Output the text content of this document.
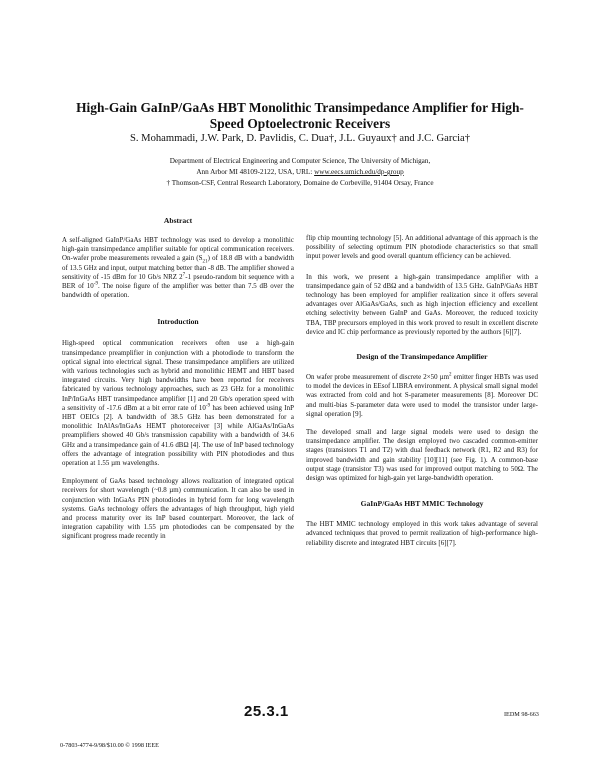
High-Gain GaInP/GaAs HBT Monolithic Transimpedance Amplifier for High-Speed Optoelectronic Receivers

S. Mohammadi, J.W. Park, D. Pavlidis, C. Dua†, J.L. Guyaux† and J.C. Garcia†

Department of Electrical Engineering and Computer Science, The University of Michigan,

Ann Arbor MI 48109-2122, USA, URL: www.eecs.umich.edu/dp-group

† Thomson-CSF, Central Research Laboratory, Domaine de Corbeville, 91404 Orsay, France

Abstract

A self-aligned GaInP/GaAs HBT technology was used to develop a monolithic high-gain transimpedance amplifier suitable for optical communication receivers. On-wafer probe measurements revealed a gain $(S_{21})$ of 18.8 dB with a bandwidth of 13.5 GHz and input, output matching better than -8 dB. The amplifier showed a sensitivity of -15 dBm for 10 Gb/s NRZ $2^7-1$ pseudo-random bit sequence with a BER of $10^{-9}$. The noise figure of the amplifier was better than 7.5 dB over the bandwidth of operation.

Introduction

High-speed optical communication receivers often use a high-gain transimpedance preamplifier in conjunction with a photodiode to transform the optical signal into electrical signal. These transimpedance amplifiers are utilized with various technologies such as hybrid and monolithic HEMT and HBT based integrated circuits. Very high bandwidths have been reported for receivers fabricated by various technology approaches, such as 23 GHz for a monolithic InP/InGaAs HBT transimpedance amplifier [1] and 20 Gb/s operation speed with a sensitivity of -17.6 dBm at a bit error rate of $10^{-9}$ has been achieved using InP HBT OEICs [2]. A bandwidth of 38.5 GHz has been demonstrated for a monolithic InAlAs/InGaAs HEMT photoreceiver [3] while AlGaAs/InGaAs preamplifiers showed 40 Gb/s transmission capability with a bandwidth of 34.6 GHz and a transimpedance gain of 41.6 dBΩ [4]. The use of InP based technology offers the advantage of integration possibility with PIN photodiodes and thus operation at 1.55 µm wavelengths.

Employment of GaAs based technology allows realization of integrated optical receivers for short wavelength (~0.8 µm) communication. It can also be used in conjunction with InGaAs PIN photodiodes in hybrid form for long wavelength systems. GaAs technology offers the advantages of high throughput, high yield and process maturity over its InP based counterpart. Moreover, the lack of integration capability with 1.55 µm photodiodes can be compensated by the significant progress made recently in

flip chip mounting technology [5]. An additional advantage of this approach is the possibility of selecting optimum PIN photodiode characteristics so that small input power levels and good overall quantum efficiency can be achieved.

In this work, we present a high-gain transimpedance amplifier with a transimpedance gain of 52 dBΩ and a bandwidth of 13.5 GHz. GaInP/GaAs HBT technology has been employed for amplifier realization since it offers several advantages over AlGaAs/GaAs, such as high injection efficiency and excellent etching selectivity between GaInP and GaAs. Moreover, the reduced toxicity TBA, TBP precursors employed in this work proved to result in excellent discrete device and IC chip performance as previously reported by the authors [6][7].

Design of the Transimpedance Amplifier

On wafer probe measurement of discrete 2×50 µm$^2$ emitter finger HBTs was used to model the devices in EEsof LIBRA environment. A physical small signal model was extracted from cold and hot S-parameter measurements [8]. Moreover DC and multi-bias S-parameter data were used to model the transistor under large-signal operation [9].

The developed small and large signal models were used to design the transimpedance amplifier. The design employed two cascaded common-emitter stages (transistors T1 and T2) with dual feedback network (R1, R2 and R3) for improved bandwidth and gain stability [10][11] (see Fig. 1). A common-base output stage (transistor T3) was used for improved output matching to 50Ω. The design was optimized for high-gain yet large-bandwidth operation.

GaInP/GaAs HBT MMIC Technology

The HBT MMIC technology employed in this work takes advantage of several advanced techniques that proved to permit realization of high-performance high-reliability discrete and integrated HBT circuits [6][7].

25.3.1	IEDM 98-663

0-7803-4774-9/98/$10.00 © 1998 IEEE
